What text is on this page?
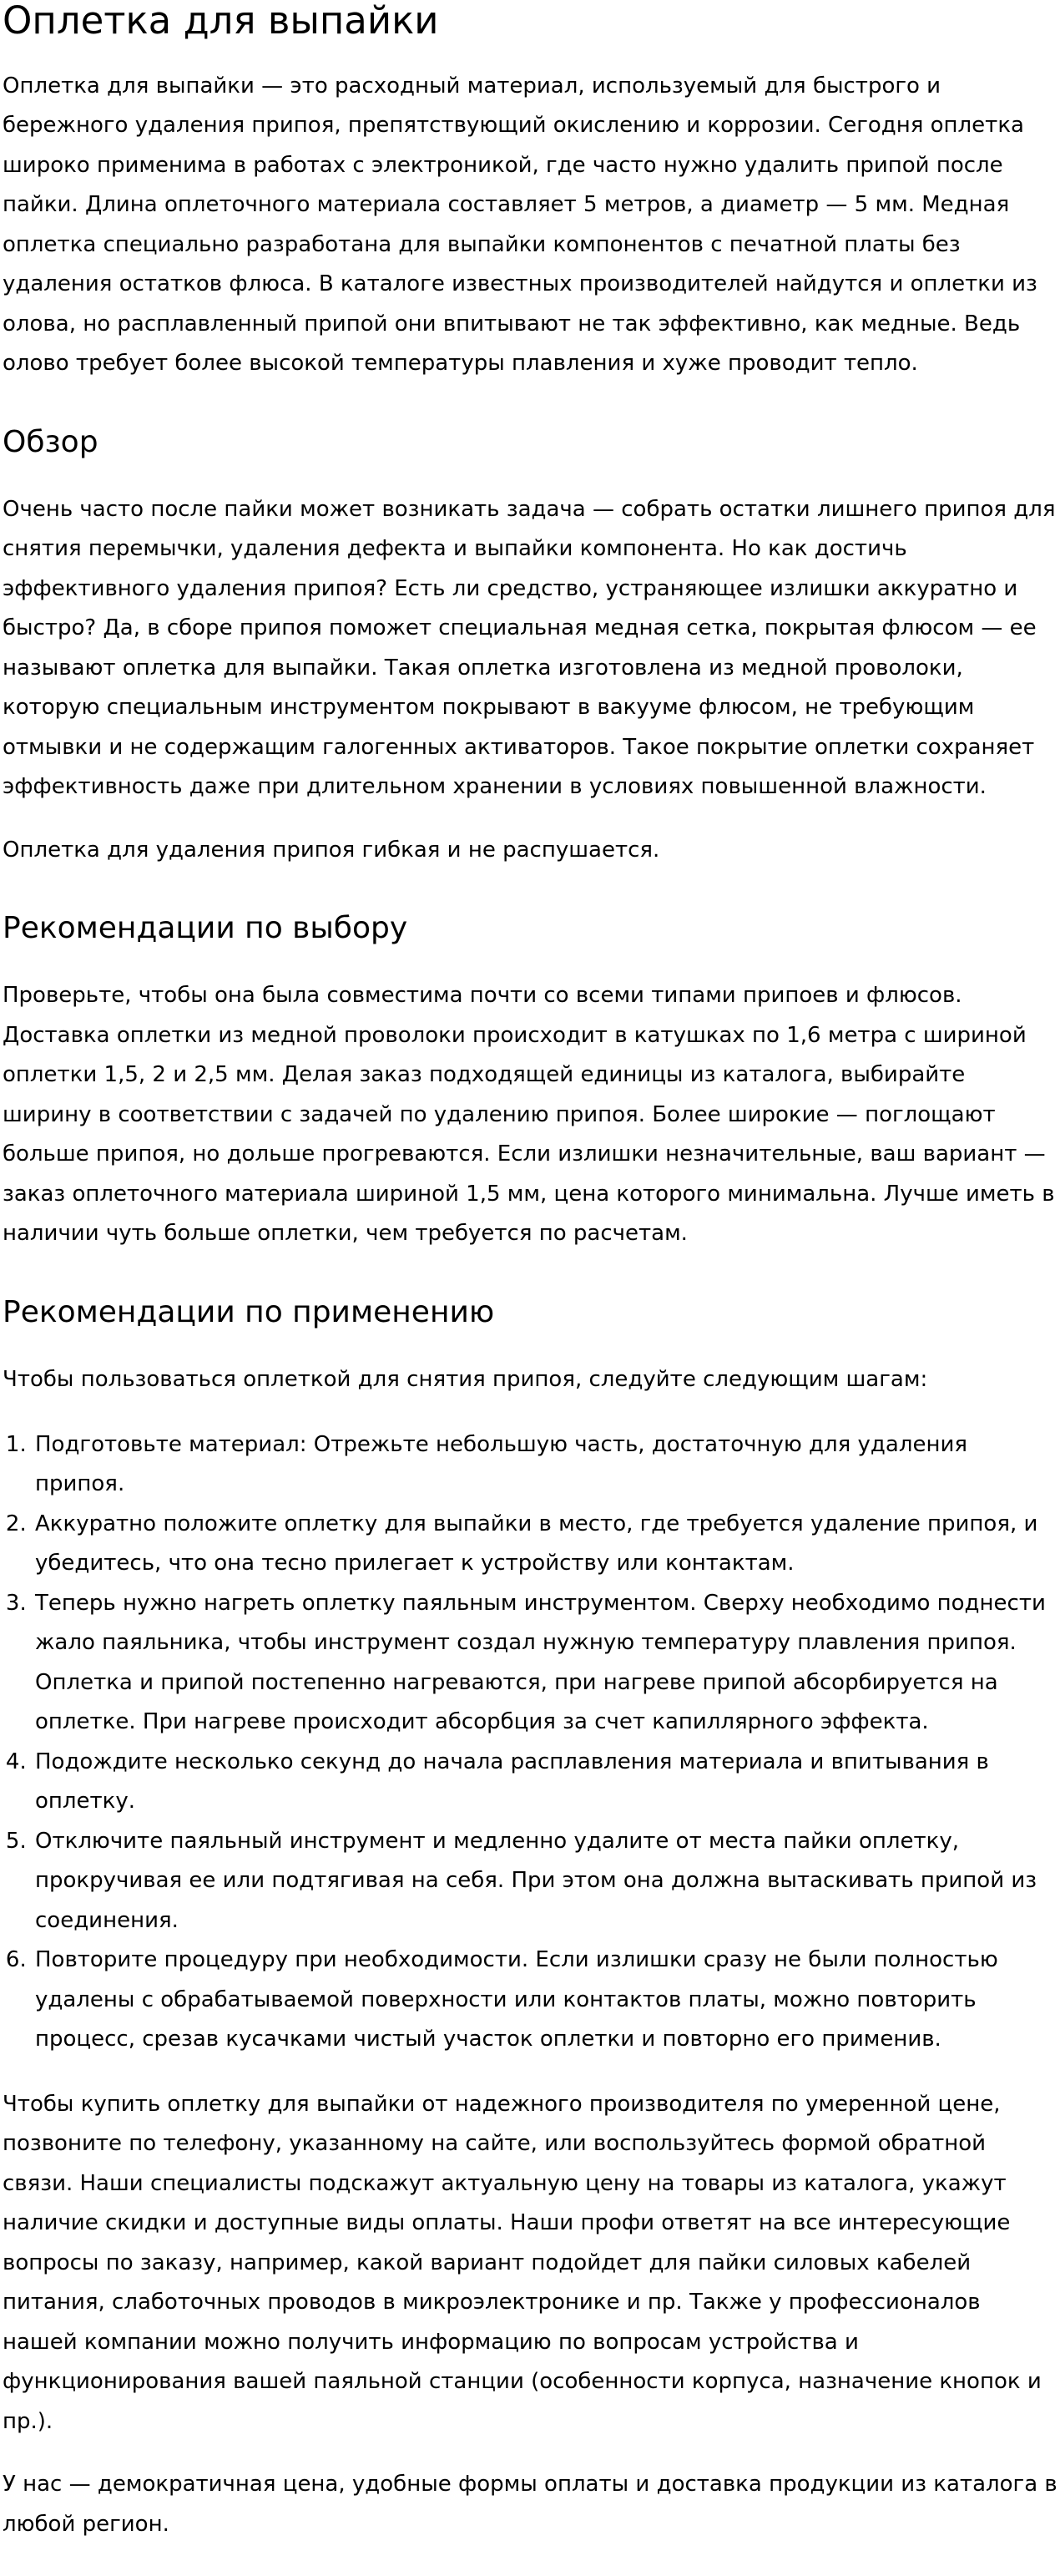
Оплетка для выпайки

Оплетка для выпайки — это расходный материал, используемый для быстрого и бережного удаления припоя, препятствующий окислению и коррозии. Сегодня оплетка широко применима в работах с электроникой, где часто нужно удалить припой после пайки. Длина оплеточного материала составляет 5 метров, а диаметр — 5 мм. Медная оплетка специально разработана для выпайки компонентов с печатной платы без удаления остатков флюса. В каталоге известных производителей найдутся и оплетки из олова, но расплавленный припой они впитывают не так эффективно, как медные. Ведь олово требует более высокой температуры плавления и хуже проводит тепло.

Обзор

Очень часто после пайки может возникать задача — собрать остатки лишнего припоя для снятия перемычки, удаления дефекта и выпайки компонента. Но как достичь эффективного удаления припоя? Есть ли средство, устраняющее излишки аккуратно и быстро? Да, в сборе припоя поможет специальная медная сетка, покрытая флюсом — ее называют оплетка для выпайки. Такая оплетка изготовлена из медной проволоки, которую специальным инструментом покрывают в вакууме флюсом, не требующим отмывки и не содержащим галогенных активаторов. Такое покрытие оплетки сохраняет эффективность даже при длительном хранении в условиях повышенной влажности.

Оплетка для удаления припоя гибкая и не распушается.

Рекомендации по выбору

Проверьте, чтобы она была совместима почти со всеми типами припоев и флюсов. Доставка оплетки из медной проволоки происходит в катушках по 1,6 метра с шириной оплетки 1,5, 2 и 2,5 мм. Делая заказ подходящей единицы из каталога, выбирайте ширину в соответствии с задачей по удалению припоя. Более широкие — поглощают больше припоя, но дольше прогреваются. Если излишки незначительные, ваш вариант — заказ оплеточного материала шириной 1,5 мм, цена которого минимальна. Лучше иметь в наличии чуть больше оплетки, чем требуется по расчетам.

Рекомендации по применению

Чтобы пользоваться оплеткой для снятия припоя, следуйте следующим шагам:

1. Подготовьте материал: Отрежьте небольшую часть, достаточную для удаления припоя.
2. Аккуратно положите оплетку для выпайки в место, где требуется удаление припоя, и убедитесь, что она тесно прилегает к устройству или контактам.
3. Теперь нужно нагреть оплетку паяльным инструментом. Сверху необходимо поднести жало паяльника, чтобы инструмент создал нужную температуру плавления припоя. Оплетка и припой постепенно нагреваются, при нагреве припой абсорбируется на оплетке. При нагреве происходит абсорбция за счет капиллярного эффекта.
4. Подождите несколько секунд до начала расплавления материала и впитывания в оплетку.
5. Отключите паяльный инструмент и медленно удалите от места пайки оплетку, прокручивая ее или подтягивая на себя. При этом она должна вытаскивать припой из соединения.
6. Повторите процедуру при необходимости. Если излишки сразу не были полностью удалены с обрабатываемой поверхности или контактов платы, можно повторить процесс, срезав кусачками чистый участок оплетки и повторно его применив.

Чтобы купить оплетку для выпайки от надежного производителя по умеренной цене, позвоните по телефону, указанному на сайте, или воспользуйтесь формой обратной связи. Наши специалисты подскажут актуальную цену на товары из каталога, укажут наличие скидки и доступные виды оплаты. Наши профи ответят на все интересующие вопросы по заказу, например, какой вариант подойдет для пайки силовых кабелей питания, слаботочных проводов в микроэлектронике и пр. Также у профессионалов нашей компании можно получить информацию по вопросам устройства и функционирования вашей паяльной станции (особенности корпуса, назначение кнопок и пр.).

У нас — демократичная цена, удобные формы оплаты и доставка продукции из каталога в любой регион.
